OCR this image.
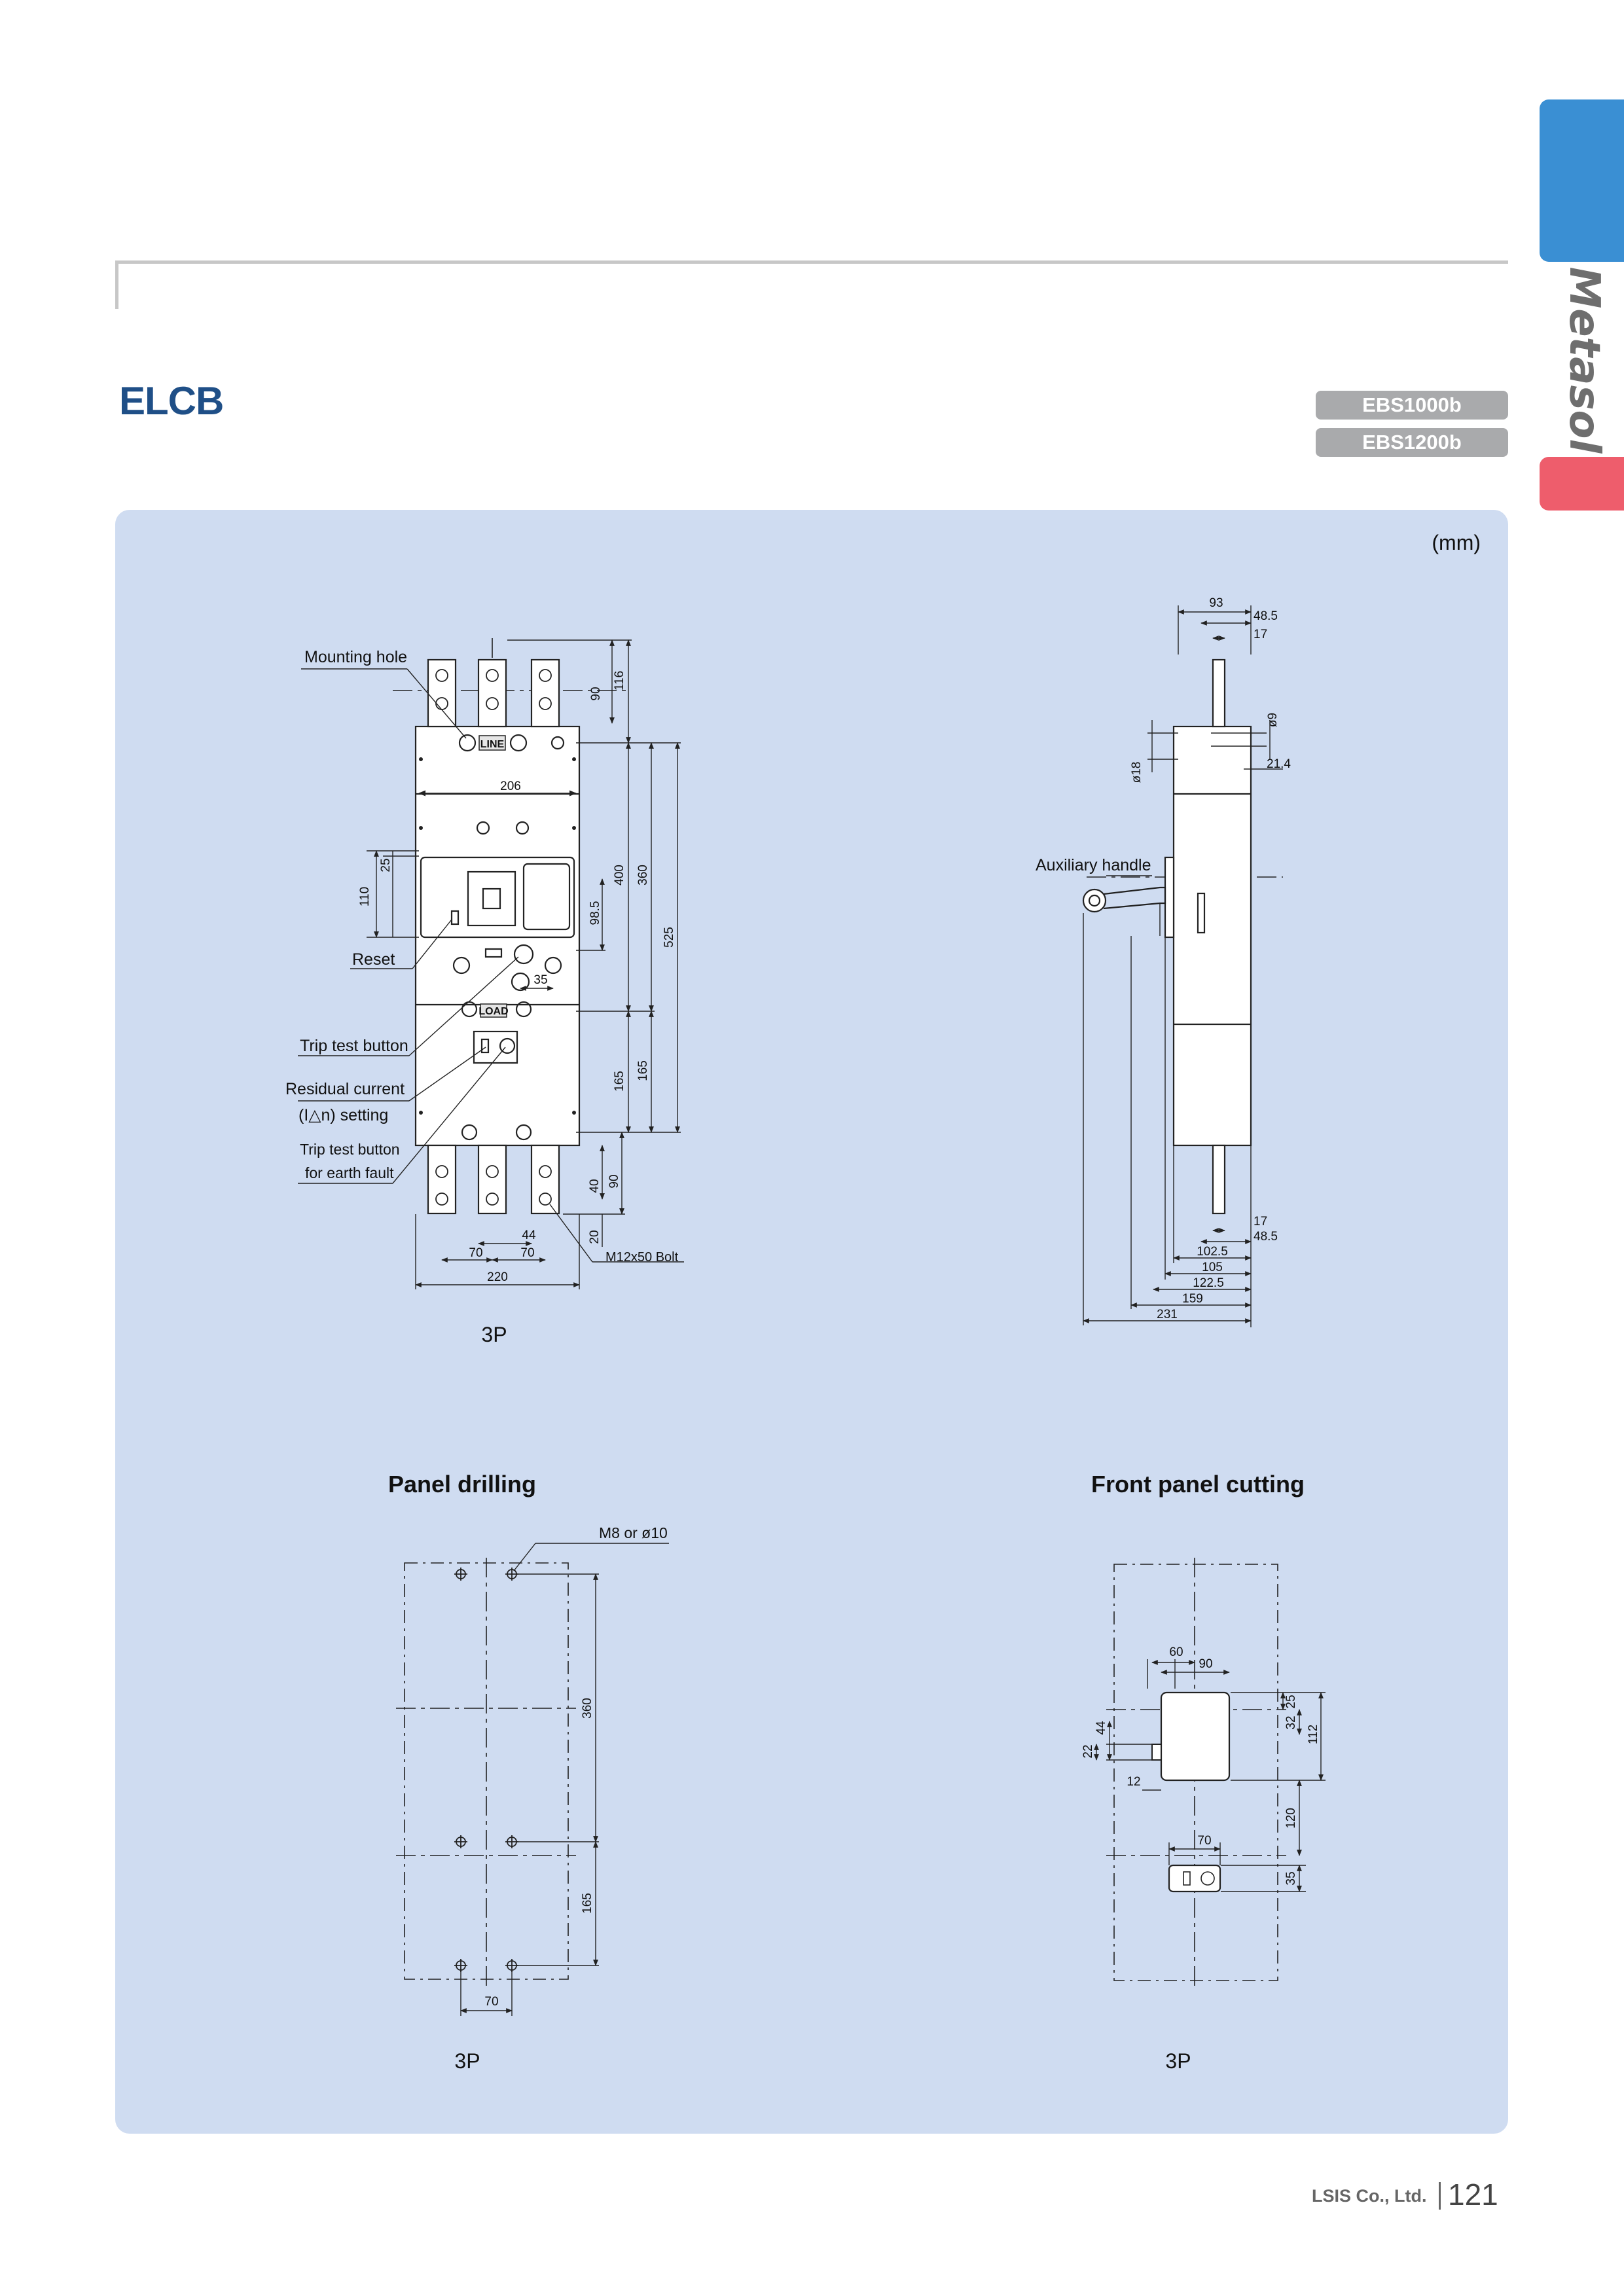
Metasol
ELCB	EBS1000b
EBS1200b
(mm)
LINE
LOAD
Mounting hole
Reset
Trip test button
Residual current
(I△n) setting
Trip test button
for earth fault
M12x50 Bolt
206
25
110
98.5
35
90
116
400 360
525
165
165
40 90
20
44
70	70
220
3P
Auxiliary handle
93
48.5
17
ø9
ø18	21.4
17
48.5
102.5
105
122.5
159
231
Panel drilling
M8 or ø10
360
165
70
3P
Front panel cutting
60
90
25
32
112
44
22
12
120
70
35
3P
LSIS Co., Ltd. 121
